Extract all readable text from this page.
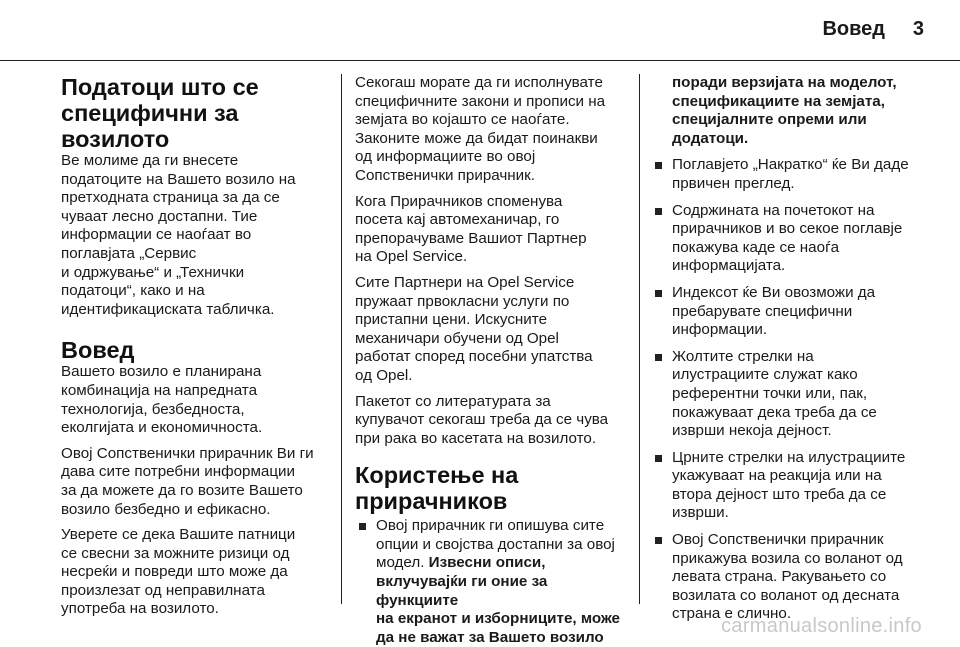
Вовед 3
Податоци што се
специфични за возилото

Ве молиме да ги внесете
податоците на Вашето возило на
претходната страница за да се
чуваат лесно достапни. Тие
информации се наоѓаат во
поглавјата „Сервис
и одржување“ и „Технички
податоци“, како и на
идентификациската табличка.

Вовед

Вашето возило е планирана
комбинација на напредната
технологија, безбедноста,
еколгијата и економичноста.

Овој Сопственички прирачник Ви ги
дава сите потребни информации
за да можете да го возите Вашето
возило безбедно и ефикасно.

Уверете се дека Вашите патници
се свесни за можните ризици од
несреќи и повреди што може да
произлезат од неправилната
употреба на возилото.

Секогаш морате да ги исполнувате
специфичните закони и прописи на
земјата во којашто се наоѓате.
Законите може да бидат поинакви
од информациите во овој
Сопственички прирачник.

Кога Прирачников споменува
посета кај автомеханичар, го
препорачуваме Вашиот Партнер
на Opel Service.

Сите Партнери на Opel Service
пружаат првокласни услуги по
пристапни цени. Искусните
механичари обучени од Opel
работат според посебни упатства
од Opel.

Пакетот со литературата за
купувачот секогаш треба да се чува
при рака во касетата на возилото.

Користење на
прирачников
Овој прирачник ги опишува сите
опции и својства достапни за овој
модел. Извесни описи,
вклучувајќи ги оние за функциите
на екранот и изборниците, може
да не важат за Вашето возило
поради верзијата на моделот,
спецификациите на земјата,
специјалните опреми или
додатоци.
Поглавјето „Накратко“ ќе Ви даде
првичен преглед.
Содржината на почетокот на
прирачников и во секое поглавје
покажува каде се наоѓа
информацијата.
Индексот ќе Ви овозможи да
пребарувате специфични
информации.
Жолтите стрелки на
илустрациите служат како
референтни точки или, пак,
покажуваат дека треба да се
изврши некоја дејност.
Црните стрелки на илустрациите
укажуваат на реакција или на
втора дејност што треба да се
изврши.
Овој Сопственички прирачник
прикажува возила со воланот од
левата страна. Ракувањето со
возилата со воланот од десната
страна е слично.
carmanualsonline.info
